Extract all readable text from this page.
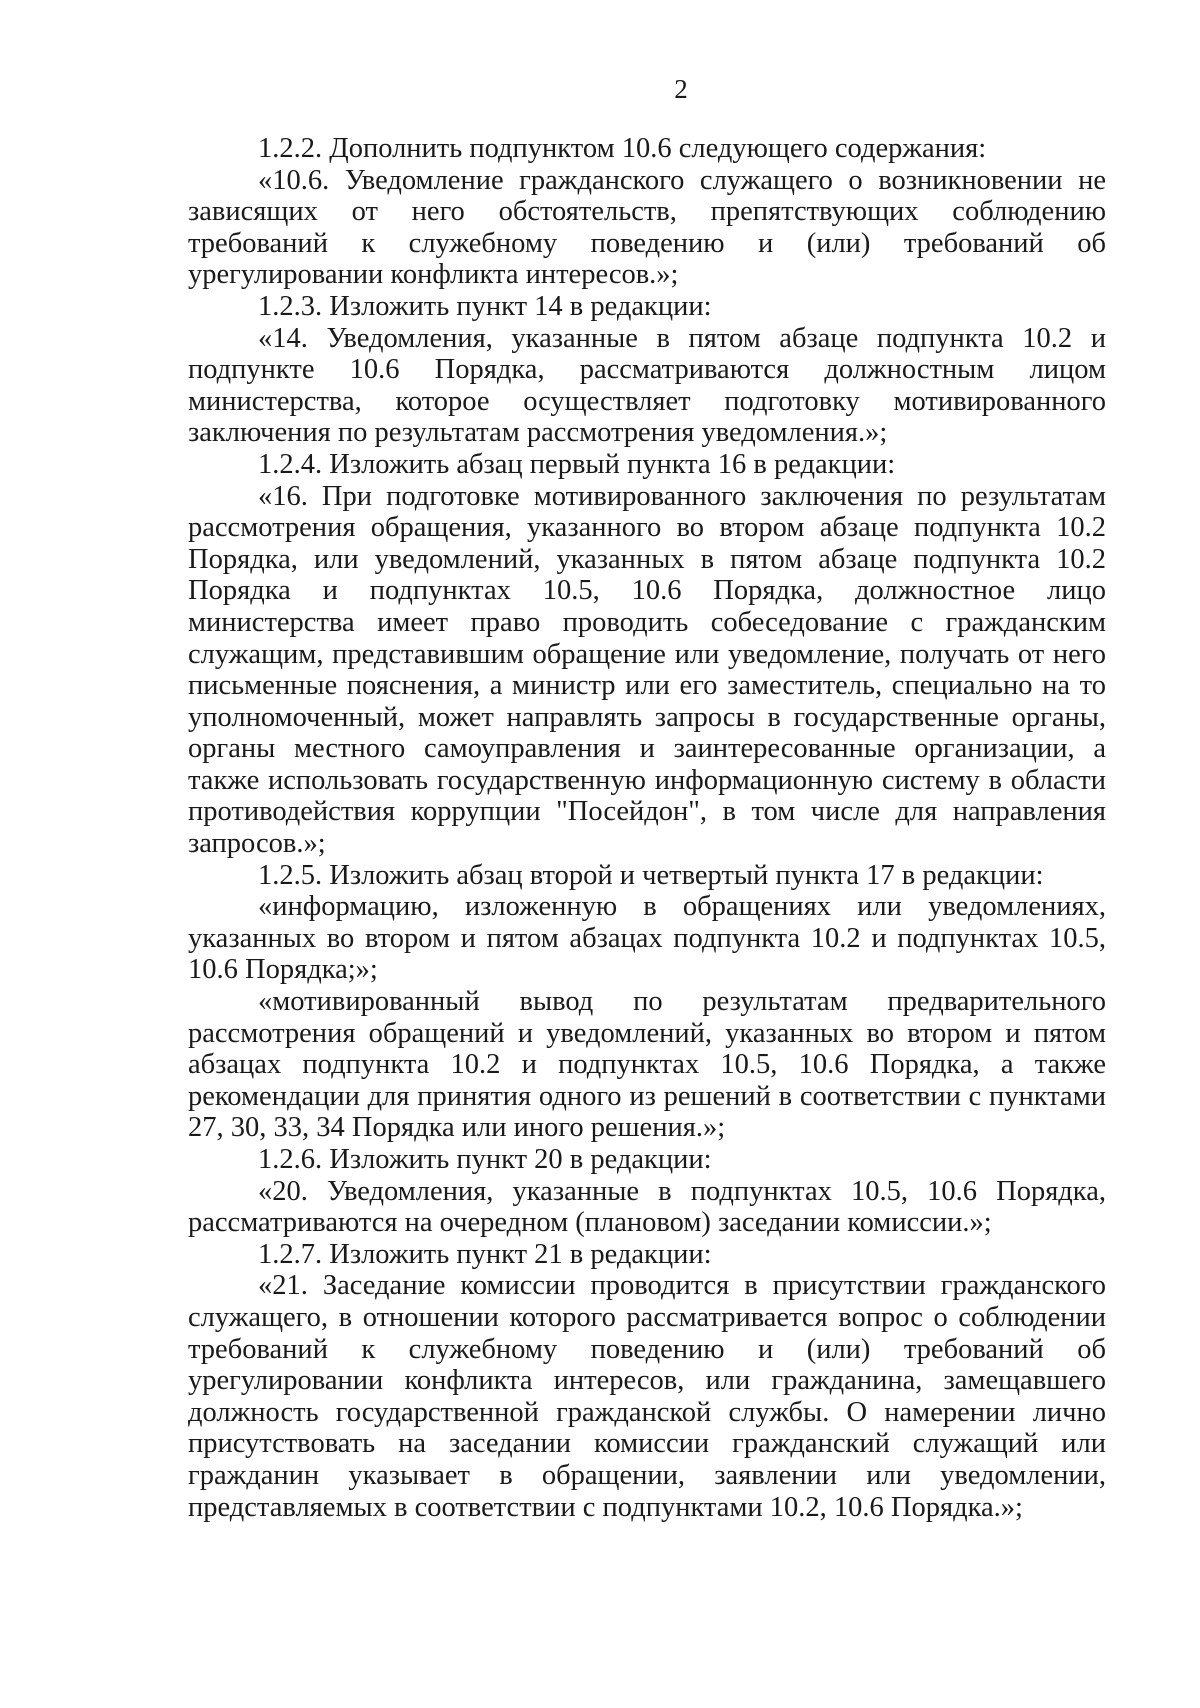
2

1.2.2. Дополнить подпунктом 10.6 следующего содержания:

«10.6. Уведомление гражданского служащего о возникновении не зависящих от него обстоятельств, препятствующих соблюдению требований к служебному поведению и (или) требований об урегулировании конфликта интересов.»;

1.2.3. Изложить пункт 14 в редакции:

«14. Уведомления, указанные в пятом абзаце подпункта 10.2 и подпункте 10.6 Порядка, рассматриваются должностным лицом министерства, которое осуществляет подготовку мотивированного заключения по результатам рассмотрения уведомления.»;

1.2.4. Изложить абзац первый пункта 16 в редакции:

«16. При подготовке мотивированного заключения по результатам рассмотрения обращения, указанного во втором абзаце подпункта 10.2 Порядка, или уведомлений, указанных в пятом абзаце подпункта 10.2 Порядка и подпунктах 10.5, 10.6 Порядка, должностное лицо министерства имеет право проводить собеседование с гражданским служащим, представившим обращение или уведомление, получать от него письменные пояснения, а министр или его заместитель, специально на то уполномоченный, может направлять запросы в государственные органы, органы местного самоуправления и заинтересованные организации, а также использовать государственную информационную систему в области противодействия коррупции "Посейдон", в том числе для направления запросов.»;

1.2.5. Изложить абзац второй и четвертый пункта 17 в редакции:

«информацию, изложенную в обращениях или уведомлениях, указанных во втором и пятом абзацах подпункта 10.2 и подпунктах 10.5, 10.6 Порядка;»;

«мотивированный вывод по результатам предварительного рассмотрения обращений и уведомлений, указанных во втором и пятом абзацах подпункта 10.2 и подпунктах 10.5, 10.6 Порядка, а также рекомендации для принятия одного из решений в соответствии с пунктами 27, 30, 33, 34 Порядка или иного решения.»;

1.2.6. Изложить пункт 20 в редакции:

«20. Уведомления, указанные в подпунктах 10.5, 10.6 Порядка, рассматриваются на очередном (плановом) заседании комиссии.»;

1.2.7. Изложить пункт 21 в редакции:

«21. Заседание комиссии проводится в присутствии гражданского служащего, в отношении которого рассматривается вопрос о соблюдении требований к служебному поведению и (или) требований об урегулировании конфликта интересов, или гражданина, замещавшего должность государственной гражданской службы. О намерении лично присутствовать на заседании комиссии гражданский служащий или гражданин указывает в обращении, заявлении или уведомлении, представляемых в соответствии с подпунктами 10.2, 10.6 Порядка.»;
